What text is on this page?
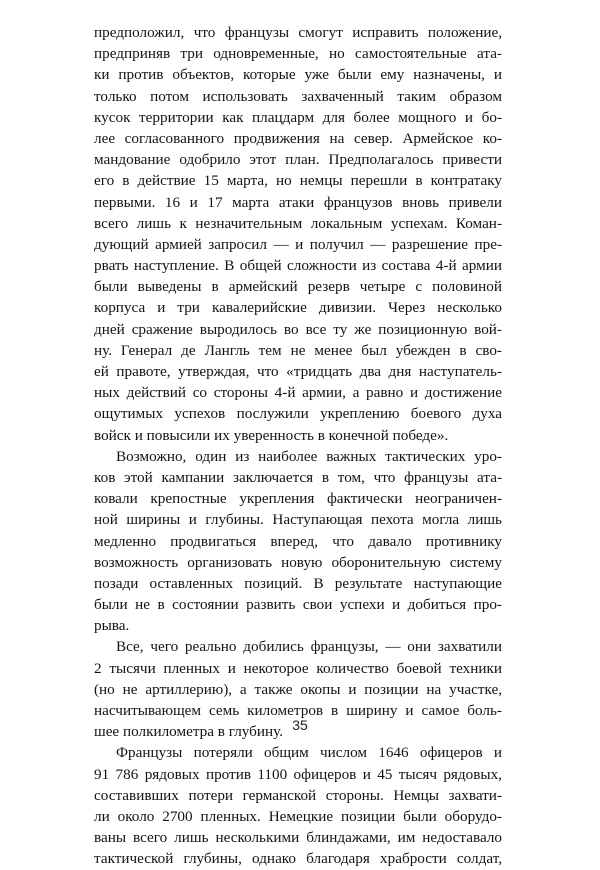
предположил, что французы смогут исправить положение,
предприняв три одновременные, но самостоятельные ата-
ки против объектов, которые уже были ему назначены, и
только потом использовать захваченный таким образом
кусок территории как плацдарм для более мощного и бо-
лее согласованного продвижения на север. Армейское ко-
мандование одобрило этот план. Предполагалось привести
его в действие 15 марта, но немцы перешли в контратаку
первыми. 16 и 17 марта атаки французов вновь привели
всего лишь к незначительным локальным успехам. Коман-
дующий армией запросил — и получил — разрешение пре-
рвать наступление. В общей сложности из состава 4-й армии
были выведены в армейский резерв четыре с половиной
корпуса и три кавалерийские дивизии. Через несколько
дней сражение выродилось во все ту же позиционную вой-
ну. Генерал де Лангль тем не менее был убежден в сво-
ей правоте, утверждая, что «тридцать два дня наступатель-
ных действий со стороны 4-й армии, а равно и достижение
ощутимых успехов послужили укреплению боевого духа
войск и повысили их уверенность в конечной победе».
Возможно, один из наиболее важных тактических уро-
ков этой кампании заключается в том, что французы ата-
ковали крепостные укрепления фактически неограничен-
ной ширины и глубины. Наступающая пехота могла лишь
медленно продвигаться вперед, что давало противнику
возможность организовать новую оборонительную систему
позади оставленных позиций. В результате наступающие
были не в состоянии развить свои успехи и добиться про-
рыва.
Все, чего реально добились французы, — они захватили
2 тысячи пленных и некоторое количество боевой техники
(но не артиллерию), а также окопы и позиции на участке,
насчитывающем семь километров в ширину и самое боль-
шее полкилометра в глубину.
Французы потеряли общим числом 1646 офицеров и
91 786 рядовых против 1100 офицеров и 45 тысяч рядовых,
составивших потери германской стороны. Немцы захвати-
ли около 2700 пленных. Немецкие позиции были оборудо-
ваны всего лишь несколькими блиндажами, им недоставало
тактической глубины, однако благодаря храбрости солдат,
35
